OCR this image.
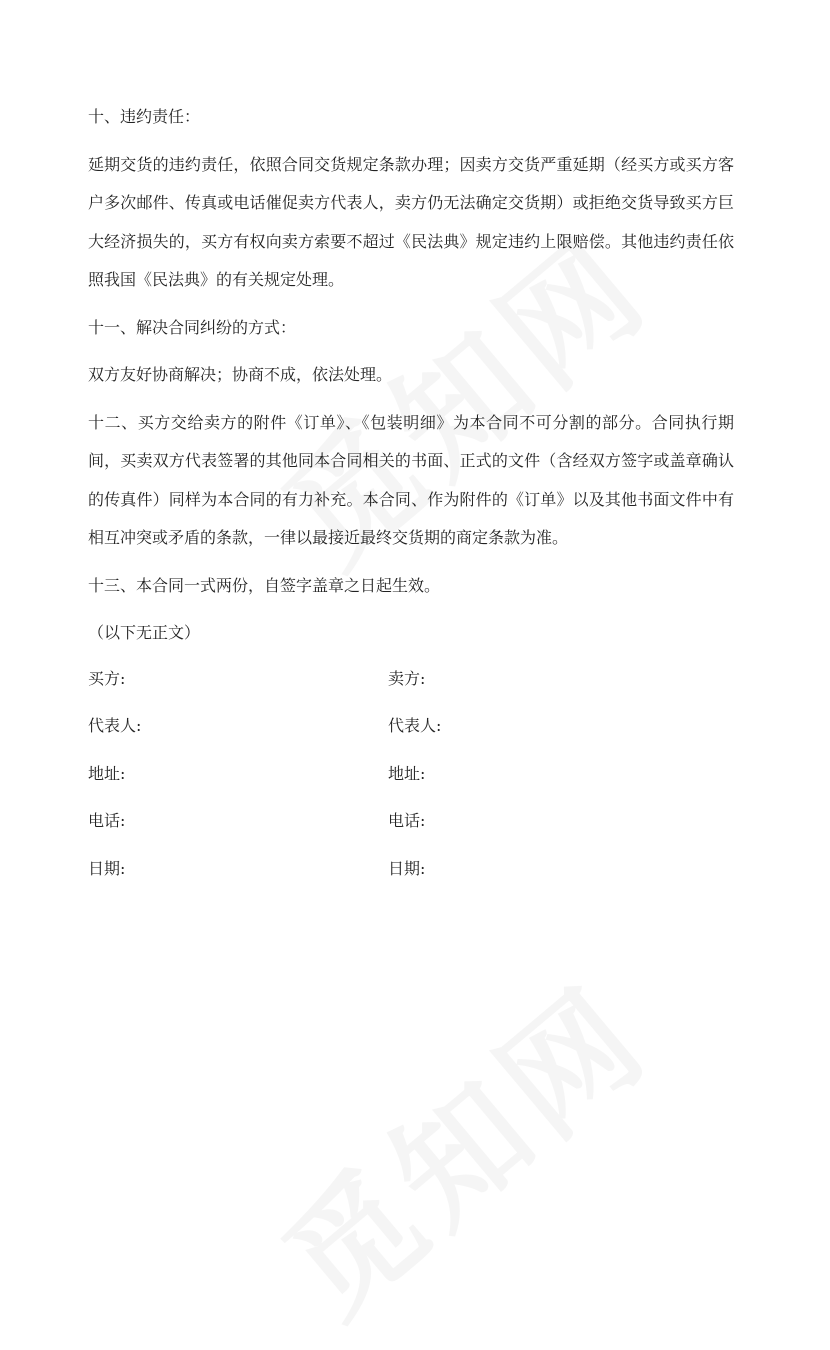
十、违约责任：

延期交货的违约责任，依照合同交货规定条款办理；因卖方交货严重延期（经买方或买方客户多次邮件、传真或电话催促卖方代表人，卖方仍无法确定交货期）或拒绝交货导致买方巨大经济损失的，买方有权向卖方索要不超过《民法典》规定违约上限赔偿。其他违约责任依照我国《民法典》的有关规定处理。

十一、解决合同纠纷的方式：

双方友好协商解决；协商不成，依法处理。

十二、买方交给卖方的附件《订单》、《包装明细》为本合同不可分割的部分。合同执行期间，买卖双方代表签署的其他同本合同相关的书面、正式的文件（含经双方签字或盖章确认的传真件）同样为本合同的有力补充。本合同、作为附件的《订单》以及其他书面文件中有相互冲突或矛盾的条款，一律以最接近最终交货期的商定条款为准。

十三、本合同一式两份，自签字盖章之日起生效。

（以下无正文）

买方:	卖方:
代表人:	代表人:
地址:	地址:
电话:	电话:
日期:	日期:
